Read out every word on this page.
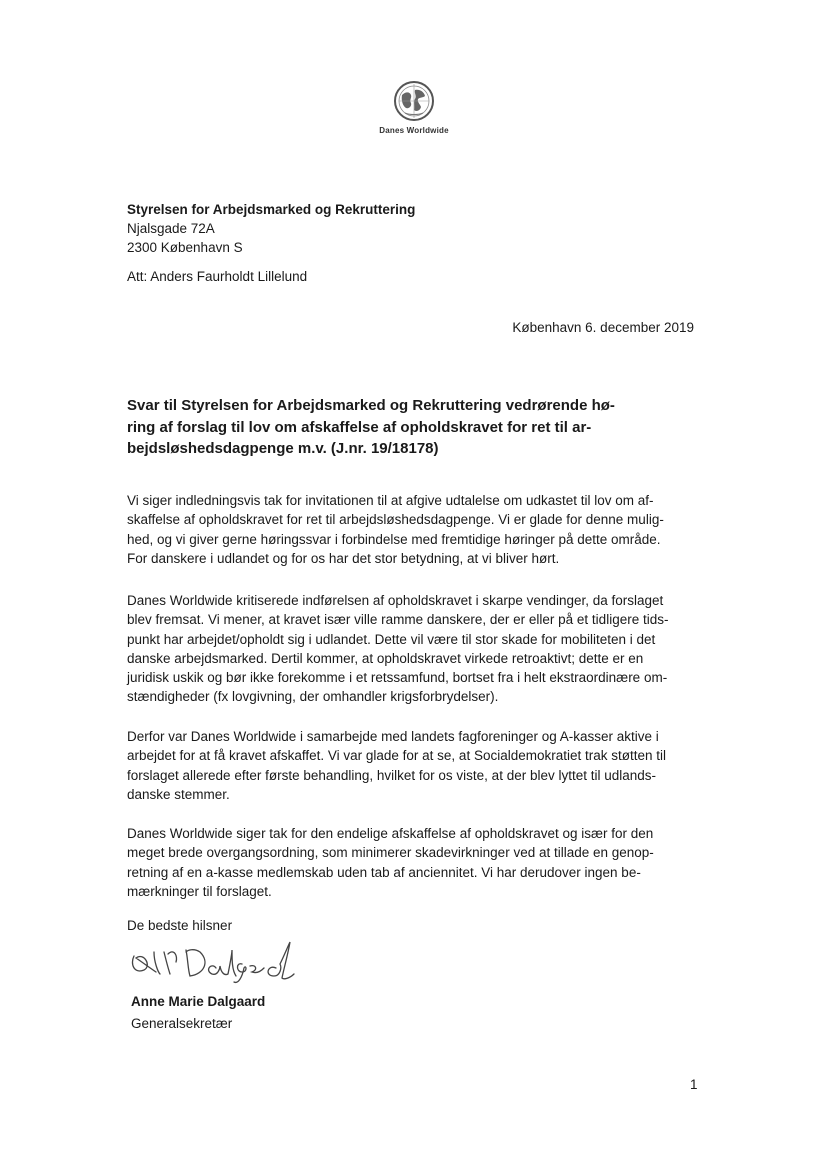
Danes Worldwide
Styrelsen for Arbejdsmarked og Rekruttering
Njalsgade 72A
2300 København S
Att: Anders Faurholdt Lillelund
København 6. december 2019
Svar til Styrelsen for Arbejdsmarked og Rekruttering vedrørende hø-
ring af forslag til lov om afskaffelse af opholdskravet for ret til ar-
bejdsløshedsdagpenge m.v. (J.nr. 19/18178)
Vi siger indledningsvis tak for invitationen til at afgive udtalelse om udkastet til lov om af-
skaffelse af opholdskravet for ret til arbejdsløshedsdagpenge. Vi er glade for denne mulig-
hed, og vi giver gerne høringssvar i forbindelse med fremtidige høringer på dette område.
For danskere i udlandet og for os har det stor betydning, at vi bliver hørt.
Danes Worldwide kritiserede indførelsen af opholdskravet i skarpe vendinger, da forslaget
blev fremsat. Vi mener, at kravet især ville ramme danskere, der er eller på et tidligere tids-
punkt har arbejdet/opholdt sig i udlandet. Dette vil være til stor skade for mobiliteten i det
danske arbejdsmarked. Dertil kommer, at opholdskravet virkede retroaktivt; dette er en
juridisk uskik og bør ikke forekomme i et retssamfund, bortset fra i helt ekstraordinære om-
stændigheder (fx lovgivning, der omhandler krigsforbrydelser).
Derfor var Danes Worldwide i samarbejde med landets fagforeninger og A-kasser aktive i
arbejdet for at få kravet afskaffet. Vi var glade for at se, at Socialdemokratiet trak støtten til
forslaget allerede efter første behandling, hvilket for os viste, at der blev lyttet til udlands-
danske stemmer.
Danes Worldwide siger tak for den endelige afskaffelse af opholdskravet og især for den
meget brede overgangsordning, som minimerer skadevirkninger ved at tillade en genop-
retning af en a-kasse medlemskab uden tab af anciennitet. Vi har derudover ingen be-
mærkninger til forslaget.
De bedste hilsner
Anne Marie Dalgaard
Generalsekretær
1
